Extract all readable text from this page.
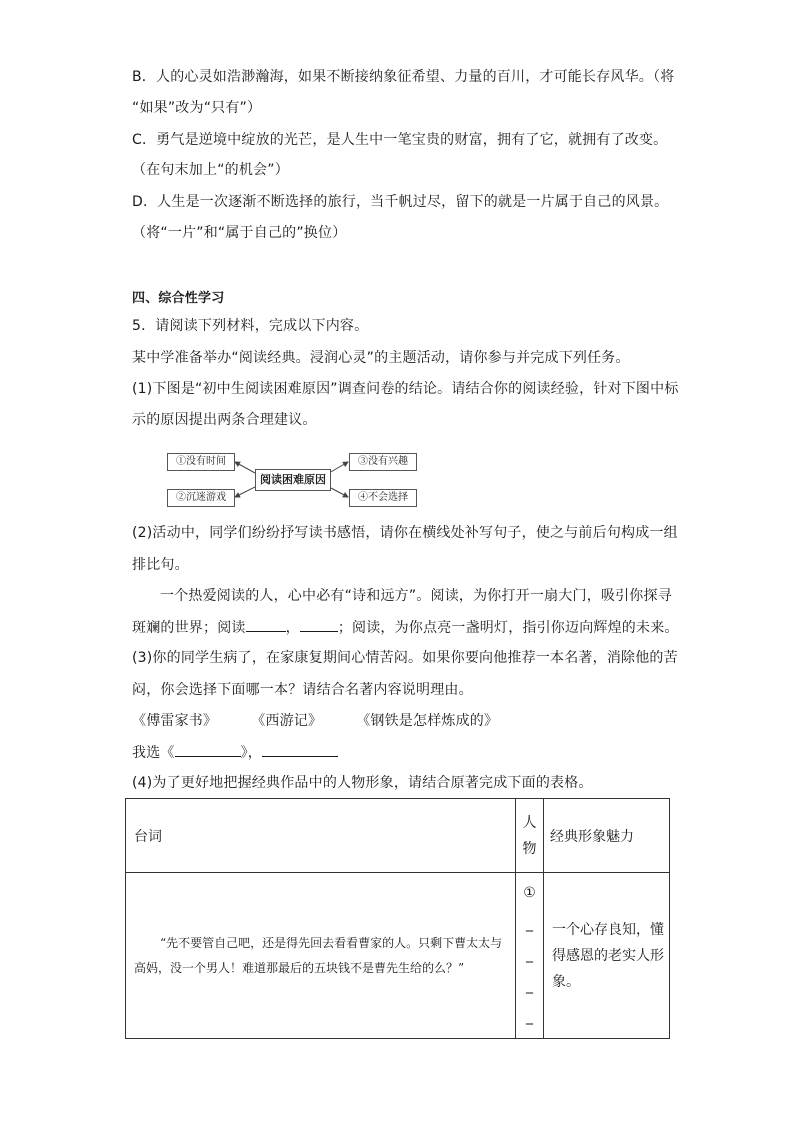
B．人的心灵如浩渺瀚海，如果不断接纳象征希望、力量的百川，才可能长存风华。（将
“如果”改为“只有”）
C．勇气是逆境中绽放的光芒，是人生中一笔宝贵的财富，拥有了它，就拥有了改变。
（在句末加上“的机会”）
D．人生是一次逐渐不断选择的旅行，当千帆过尽，留下的就是一片属于自己的风景。
（将“一片”和“属于自己的”换位）
四、综合性学习
5．请阅读下列材料，完成以下内容。
某中学准备举办“阅读经典。浸润心灵”的主题活动，请你参与并完成下列任务。
(1)下图是“初中生阅读困难原因”调查问卷的结论。请结合你的阅读经验，针对下图中标
示的原因提出两条合理建议。
①没有时间
②沉迷游戏
阅读困难原因
③没有兴趣
④不会选择
(2)活动中，同学们纷纷抒写读书感悟，请你在横线处补写句子，使之与前后句构成一组
排比句。
一个热爱阅读的人，心中必有“诗和远方”。阅读，为你打开一扇大门，吸引你探寻
斑斓的世界；阅读	，	；阅读，为你点亮一盏明灯，指引你迈向辉煌的未来。
(3)你的同学生病了，在家康复期间心情苦闷。如果你要向他推荐一本名著，消除他的苦
闷，你会选择下面哪一本？请结合名著内容说明理由。
《傅雷家书》 《西游记》 《钢铁是怎样炼成的》
我选《	》，
(4)为了更好地把握经典作品中的人物形象，请结合原著完成下面的表格。
台词	人物	经典形象魅力

“先不要管自己吧，还是得先回去看看曹家的人。只剩下曹太太与高妈，没一个男人！难道那最后的五块钱不是曹先生给的么？”	①
_
_
_
_	一个心存良知，懂得感恩的老实人形象。
